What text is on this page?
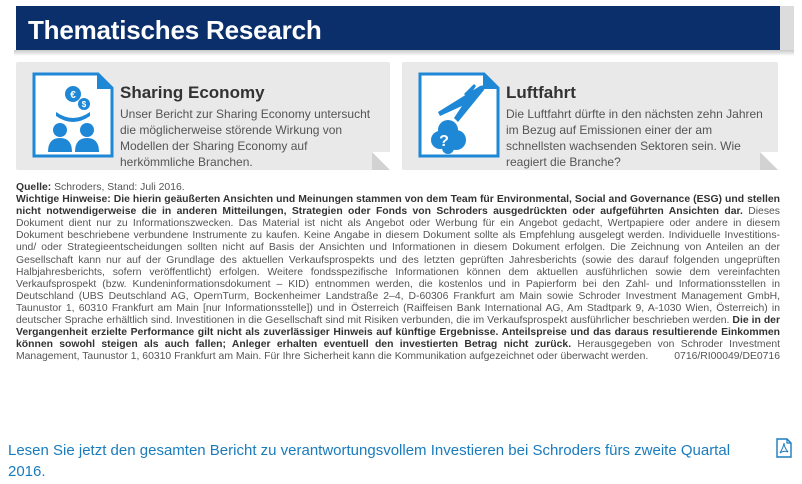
Thematisches Research
€
$
Sharing Economy
Unser Bericht zur Sharing Economy untersucht die möglicherweise störende Wirkung von Modellen der Sharing Economy auf herkömmliche Branchen.
?
Luftfahrt
Die Luftfahrt dürfte in den nächsten zehn Jahren im Bezug auf Emissionen einer der am schnellsten wachsenden Sektoren sein. Wie reagiert die Branche?
Quelle: Schroders, Stand: Juli 2016.
Wichtige Hinweise: Die hierin geäußerten Ansichten und Meinungen stammen von dem Team für Environmental, Social and Governance (ESG) und stellen nicht notwendigerweise die in anderen Mitteilungen, Strategien oder Fonds von Schroders ausgedrückten oder aufgeführten Ansichten dar. Dieses Dokument dient nur zu Informationszwecken. Das Material ist nicht als Angebot oder Werbung für ein Angebot gedacht, Wertpapiere oder andere in diesem Dokument beschriebene verbundene Instrumente zu kaufen. Keine Angabe in diesem Dokument sollte als Empfehlung ausgelegt werden. Individuelle Investitions- und/ oder Strategieentscheidungen sollten nicht auf Basis der Ansichten und Informationen in diesem Dokument erfolgen. Die Zeichnung von Anteilen an der Gesellschaft kann nur auf der Grundlage des aktuellen Verkaufsprospekts und des letzten geprüften Jahresberichts (sowie des darauf folgenden ungeprüften Halbjahresberichts, sofern veröffentlicht) erfolgen. Weitere fondsspezifische Informationen können dem aktuellen ausführlichen sowie dem vereinfachten Verkaufsprospekt (bzw. Kundeninformationsdokument – KID) entnommen werden, die kostenlos und in Papierform bei den Zahl- und Informationsstellen in Deutschland (UBS Deutschland AG, OpernTurm, Bockenheimer Landstraße 2–4, D-60306 Frankfurt am Main sowie Schroder Investment Management GmbH, Taunustor 1, 60310 Frankfurt am Main [nur Informationsstelle]) und in Österreich (Raiffeisen Bank International AG, Am Stadtpark 9, A-1030 Wien, Österreich) in deutscher Sprache erhältlich sind. Investitionen in die Gesellschaft sind mit Risiken verbunden, die im Verkaufsprospekt ausführlicher beschrieben werden. Die in der Vergangenheit erzielte Performance gilt nicht als zuverlässiger Hinweis auf künftige Ergebnisse. Anteilspreise und das daraus resultierende Einkommen können sowohl steigen als auch fallen; Anleger erhalten eventuell den investierten Betrag nicht zurück. Herausgegeben von Schroder Investment Management, Taunustor 1, 60310 Frankfurt am Main. Für Ihre Sicherheit kann die Kommunikation aufgezeichnet oder überwacht werden.	0716/RI00049/DE0716
Lesen Sie jetzt den gesamten Bericht zu verantwortungsvollem Investieren bei Schroders fürs zweite Quartal 2016.
